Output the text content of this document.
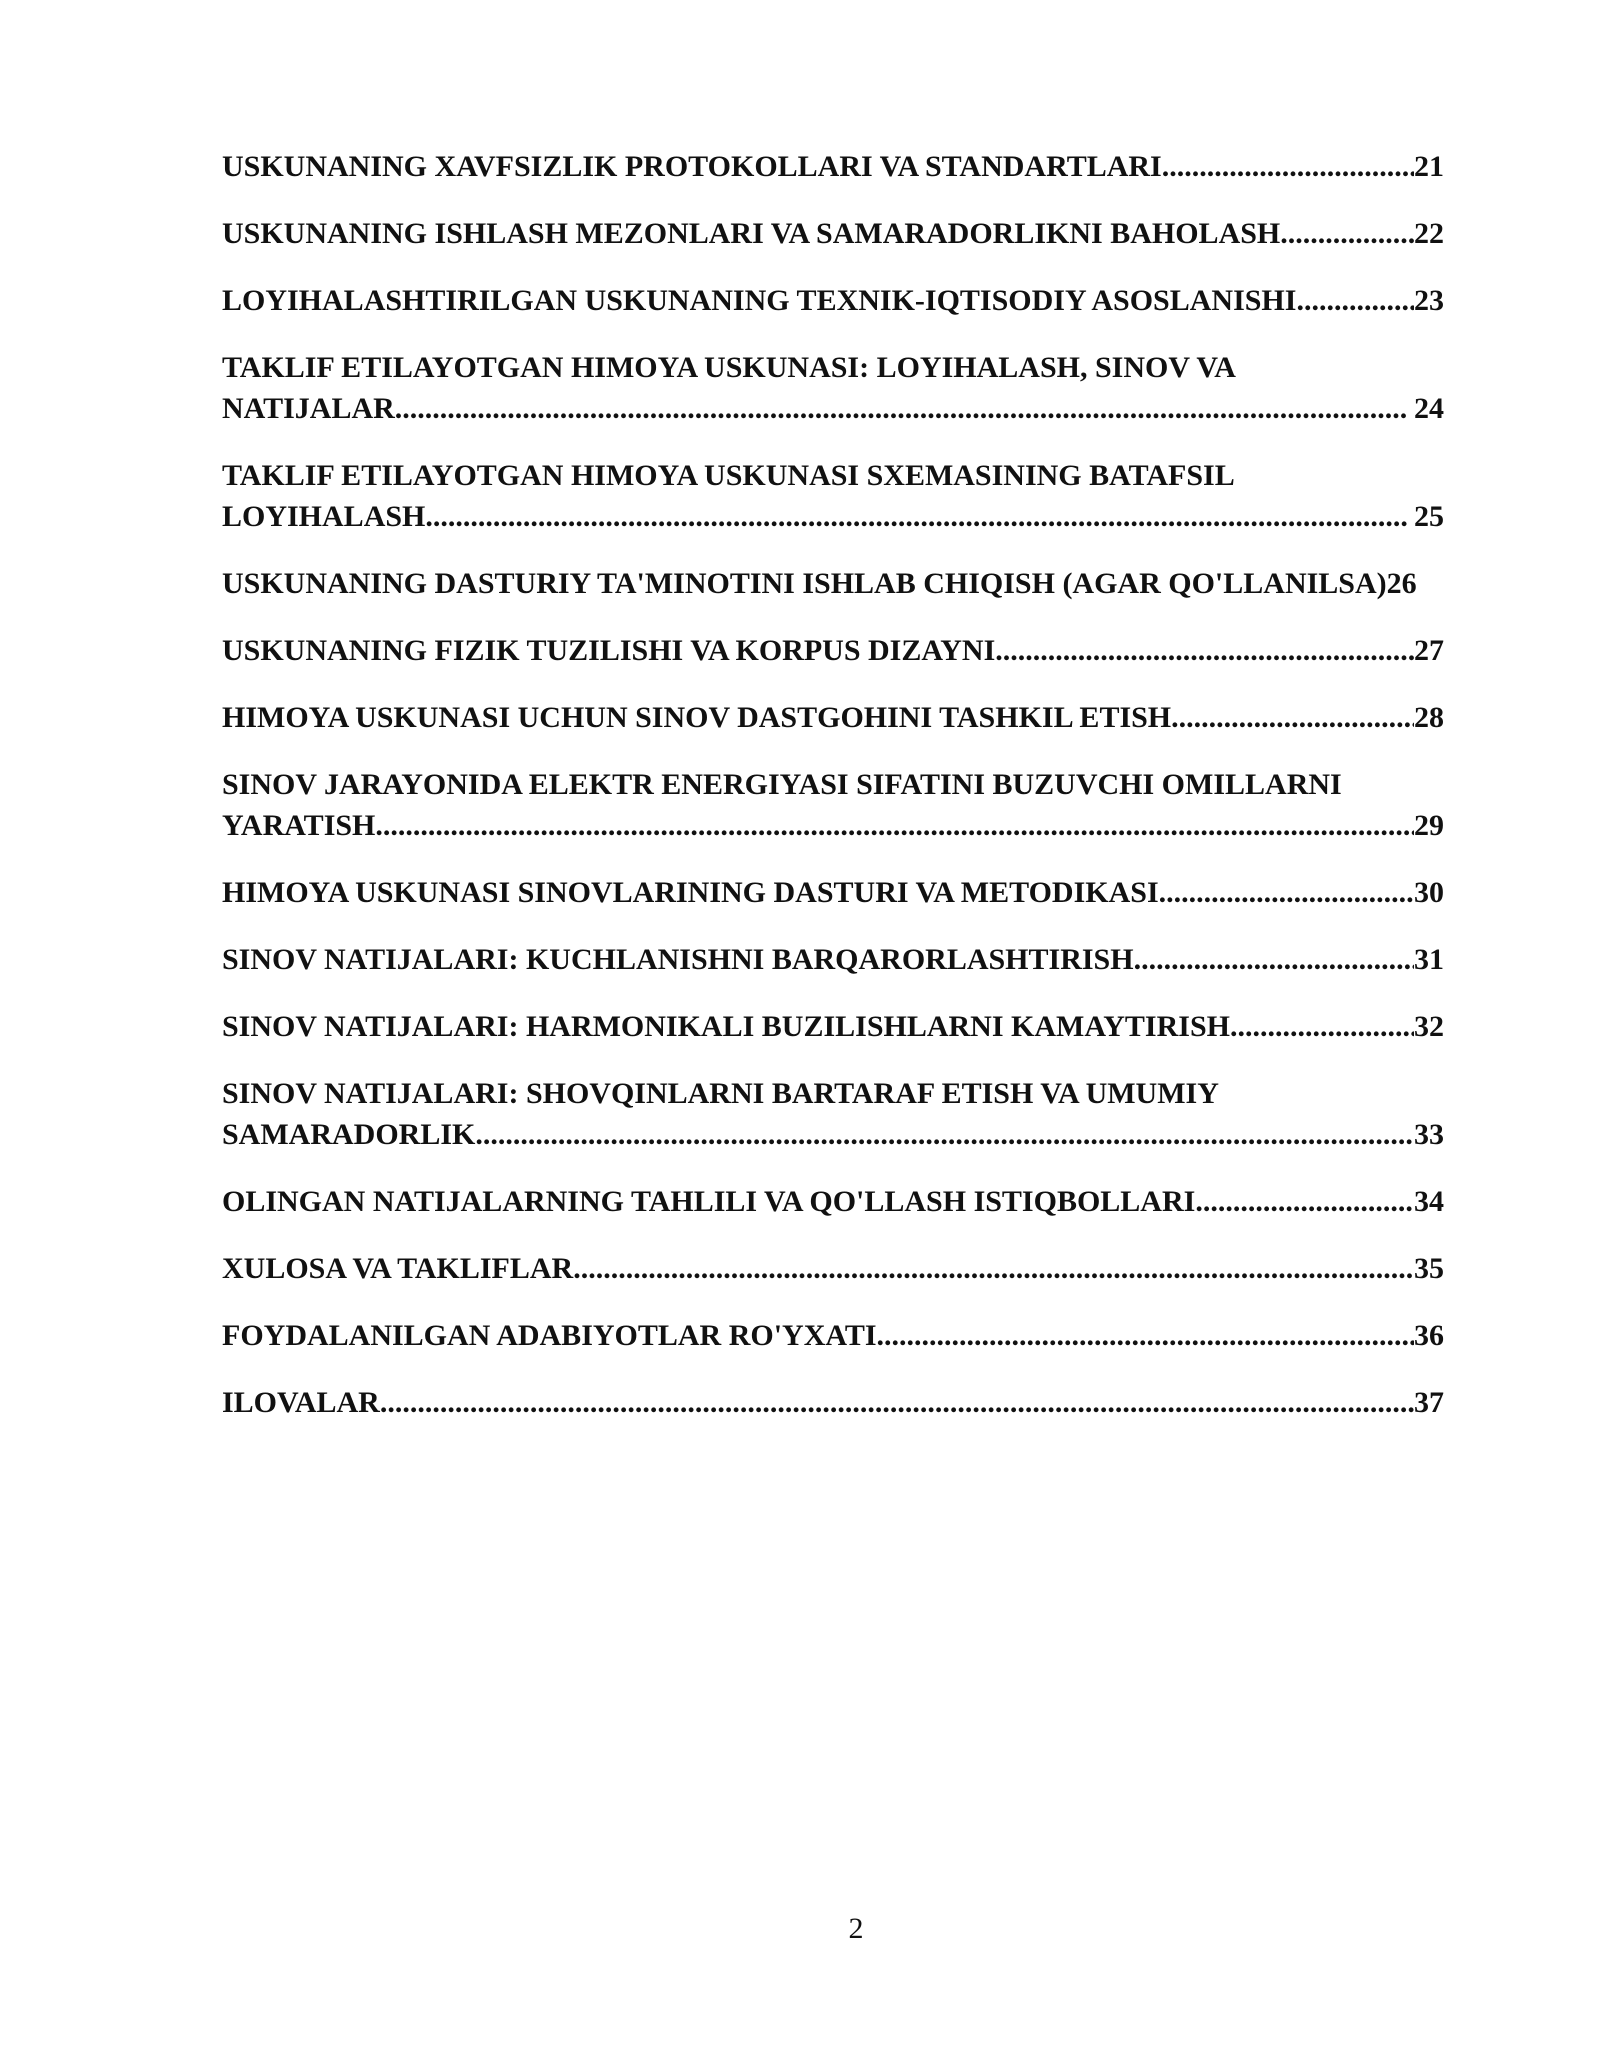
USKUNANING XAVFSIZLIK PROTOKOLLARI VA STANDARTLARI .....	21
USKUNANING ISHLASH MEZONLARI VA SAMARADORLIKNI BAHOLASH .....	22
LOYIHALASHTIRILGAN USKUNANING TEXNIK-IQTISODIY ASOSLANISHI .....	23
TAKLIF ETILAYOTGAN HIMOYA USKUNASI: LOYIHALASH, SINOV VA
NATIJALAR .....	24
TAKLIF ETILAYOTGAN HIMOYA USKUNASI SXEMASINING BATAFSIL
LOYIHALASH .....	25
USKUNANING DASTURIY TA'MINOTINI ISHLAB CHIQISH (AGAR QO'LLANILSA) 26
USKUNANING FIZIK TUZILISHI VA KORPUS DIZAYNI .....	27
HIMOYA USKUNASI UCHUN SINOV DASTGOHINI TASHKIL ETISH .....	28
SINOV JARAYONIDA ELEKTR ENERGIYASI SIFATINI BUZUVCHI OMILLARNI
YARATISH .....	29
HIMOYA USKUNASI SINOVLARINING DASTURI VA METODIKASI .....	30
SINOV NATIJALARI: KUCHLANISHNI BARQARORLASHTIRISH .....	31
SINOV NATIJALARI: HARMONIKALI BUZILISHLARNI KAMAYTIRISH .....	32
SINOV NATIJALARI: SHOVQINLARNI BARTARAF ETISH VA UMUMIY
SAMARADORLIK .....	33
OLINGAN NATIJALARNING TAHLILI VA QO'LLASH ISTIQBOLLARI .....	34
XULOSA VA TAKLIFLAR .....	35
FOYDALANILGAN ADABIYOTLAR RO'YXATI .....	36
ILOVALAR .....	37
2
